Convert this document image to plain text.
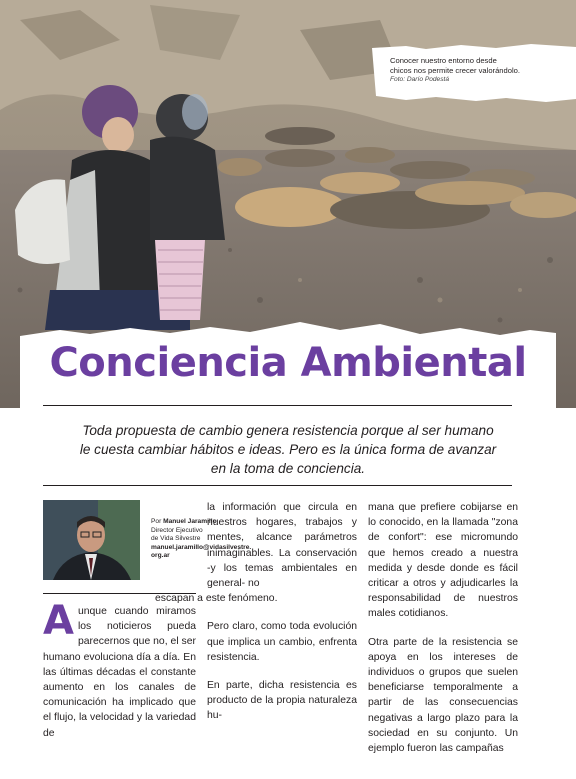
Conocer nuestro entorno desde
chicos nos permite crecer valorándolo.
Foto: Darío Podestá
Conciencia Ambiental

Toda propuesta de cambio genera resistencia porque al ser humano
le cuesta cambiar hábitos e ideas. Pero es la única forma de avanzar
en la toma de conciencia.

Por Manuel Jaramillo
Director Ejecutivo
de Vida Silvestre
manuel.jaramillo@vidasilvestre.
org.ar

Aunque cuando miramos los noticieros pueda parecernos que no, el ser humano evoluciona día a día. En las últimas décadas el constante aumento en los canales de comunicación ha implicado que el flujo, la velocidad y la variedad de

la información que circula en nuestros hogares, trabajos y mentes, alcance parámetros inimaginables. La conservación -y los temas ambientales en general- no

escapan a este fenómeno.

Pero claro, como toda evolución que implica un cambio, enfrenta resistencia.

En parte, dicha resistencia es producto de la propia naturaleza hu-

mana que prefiere cobijarse en lo conocido, en la llamada "zona de confort": ese micromundo que hemos creado a nuestra medida y desde donde es fácil criticar a otros y adjudicarles la responsabilidad de nuestros males cotidianos.

Otra parte de la resistencia se apoya en los intereses de individuos o grupos que suelen beneficiarse temporalmente a partir de las consecuencias negativas a largo plazo para la sociedad en su conjunto. Un ejemplo fueron las campañas
